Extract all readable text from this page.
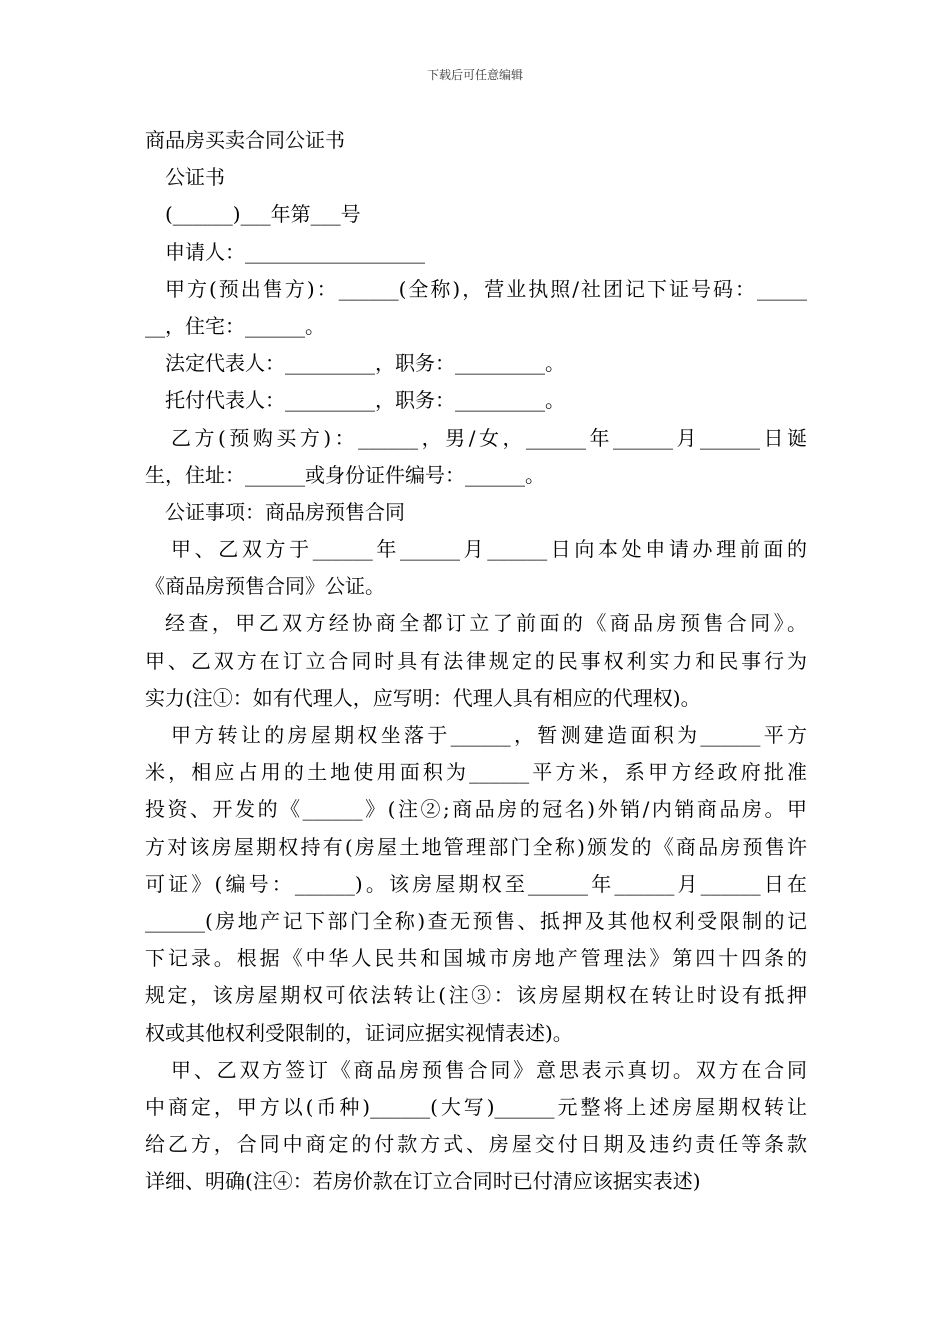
下载后可任意编辑
商品房买卖合同公证书
公证书
(______)___年第___号
申请人：__________________
甲方(预出售方)：______(全称)，营业执照/社团记下证号码：_____
__，住宅：______。
法定代表人：_________，职务：_________。
托付代表人：_________，职务：_________。
乙方(预购买方)：______，男/女，______年______月______日诞
生，住址：______或身份证件编号：______。
公证事项：商品房预售合同
甲、乙双方于______年______月______日向本处申请办理前面的
《商品房预售合同》公证。
经查，甲乙双方经协商全都订立了前面的《商品房预售合同》。
甲、乙双方在订立合同时具有法律规定的民事权利实力和民事行为
实力(注①：如有代理人，应写明：代理人具有相应的代理权)。
甲方转让的房屋期权坐落于______，暂测建造面积为______平方
米，相应占用的土地使用面积为______平方米，系甲方经政府批准
投资、开发的《______》(注②;商品房的冠名)外销/内销商品房。甲
方对该房屋期权持有(房屋土地管理部门全称)颁发的《商品房预售许
可证》(编号：______)。该房屋期权至______年______月______日在
______(房地产记下部门全称)查无预售、抵押及其他权利受限制的记
下记录。根据《中华人民共和国城市房地产管理法》第四十四条的
规定，该房屋期权可依法转让(注③：该房屋期权在转让时设有抵押
权或其他权利受限制的，证词应据实视情表述)。
甲、乙双方签订《商品房预售合同》意思表示真切。双方在合同
中商定，甲方以(币种)______(大写)______元整将上述房屋期权转让
给乙方，合同中商定的付款方式、房屋交付日期及违约责任等条款
详细、明确(注④：若房价款在订立合同时已付清应该据实表述)
